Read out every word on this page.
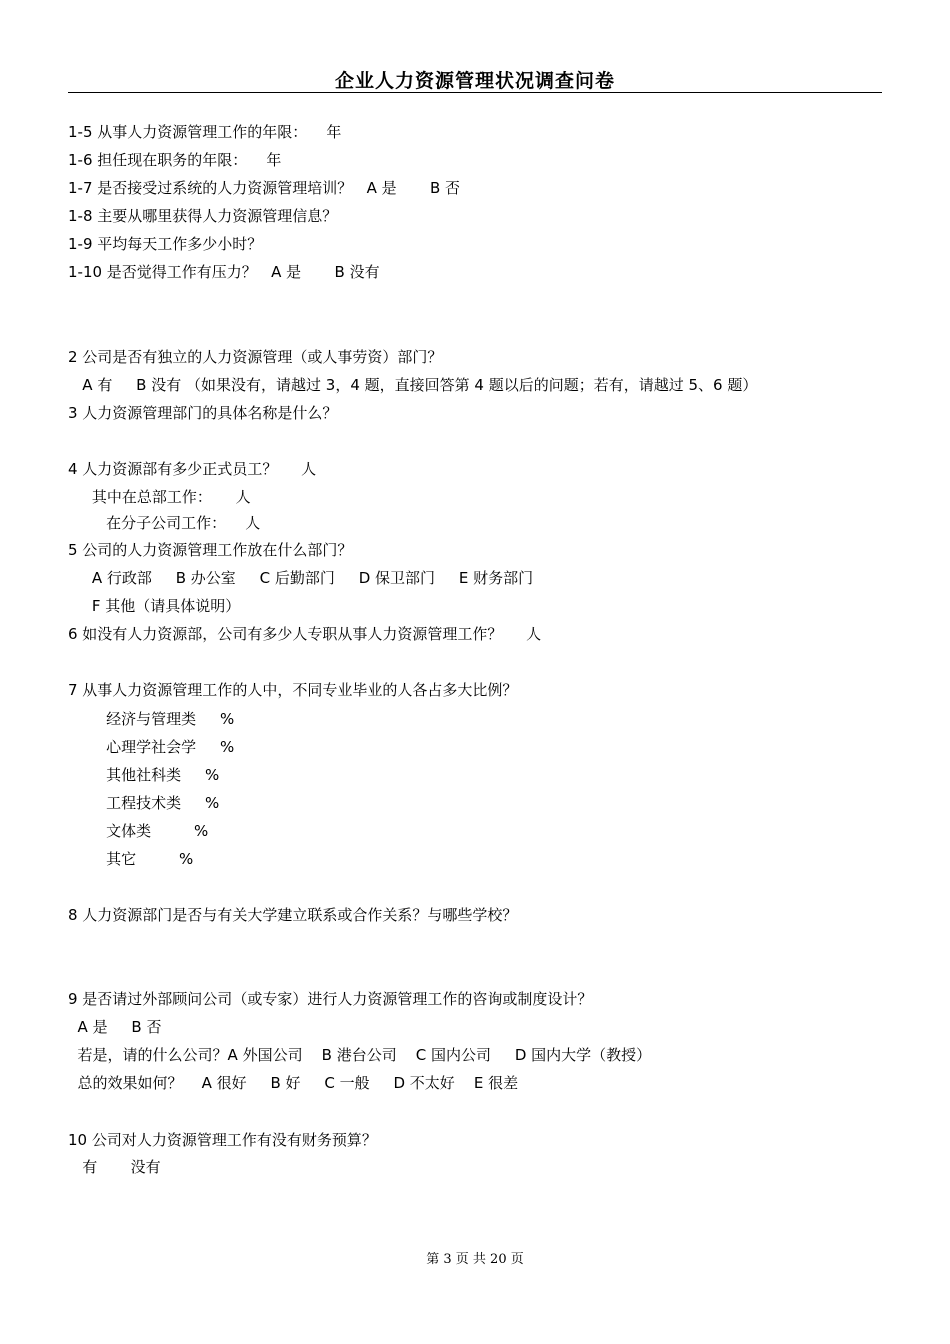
企业人力资源管理状况调查问卷
1-5 从事人力资源管理工作的年限：    年
1-6 担任现在职务的年限：    年
1-7 是否接受过系统的人力资源管理培训？   A 是       B 否
1-8 主要从哪里获得人力资源管理信息？
1-9 平均每天工作多少小时？
1-10 是否觉得工作有压力？   A 是       B 没有
2 公司是否有独立的人力资源管理（或人事劳资）部门？
A 有     B 没有 （如果没有，请越过 3，4 题，直接回答第 4 题以后的问题；若有，请越过 5、6 题）
3 人力资源管理部门的具体名称是什么？
4 人力资源部有多少正式员工？     人
其中在总部工作：     人
在分子公司工作：    人
5 公司的人力资源管理工作放在什么部门？
A 行政部     B 办公室     C 后勤部门     D 保卫部门     E 财务部门
F 其他（请具体说明）
6 如没有人力资源部，公司有多少人专职从事人力资源管理工作？     人
7 从事人力资源管理工作的人中，不同专业毕业的人各占多大比例？
经济与管理类     %
心理学社会学     %
其他社科类     %
工程技术类     %
文体类         %
其它         %
8 人力资源部门是否与有关大学建立联系或合作关系？与哪些学校？
9 是否请过外部顾问公司（或专家）进行人力资源管理工作的咨询或制度设计？
A 是     B 否
若是，请的什么公司？A 外国公司    B 港台公司    C 国内公司     D 国内大学（教授）
总的效果如何？    A 很好     B 好     C 一般     D 不太好    E 很差
10 公司对人力资源管理工作有没有财务预算？
有       没有
第 3 页 共 20 页
